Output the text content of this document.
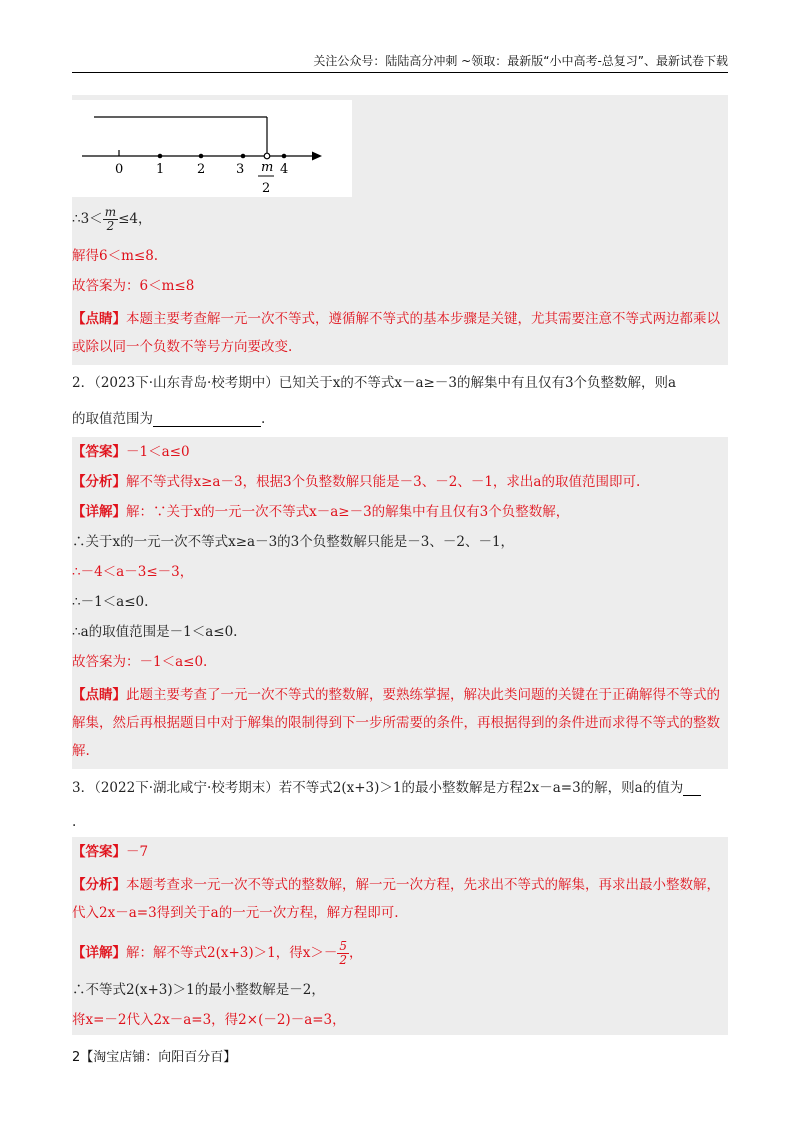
关注公众号：陆陆高分冲刺 ~领取：最新版“小中高考-总复习”、最新试卷下载
0	1	2 3	4
m
2
∴3＜ $\frac{m}{2} \le 4$，
解得6＜m≤8.
故答案为：6＜m≤8
【点睛】本题主要考查解一元一次不等式，遵循解不等式的基本步骤是关键，尤其需要注意不等式两边都乘以或除以同一个负数不等号方向要改变.
2．（2023下·山东青岛·校考期中）已知关于x的不等式x－a≥－3的解集中有且仅有3个负整数解，则a
的取值范围为	.
【答案】－1＜a≤0
【分析】解不等式得x≥a－3，根据3个负整数解只能是－3、－2、－1，求出a的取值范围即可.
【详解】解：∵关于x的一元一次不等式x－a≥－3的解集中有且仅有3个负整数解，
∴关于x的一元一次不等式x≥a－3的3个负整数解只能是－3、－2、－1，
∴－4＜a－3≤－3，
∴－1＜a≤0.
∴a的取值范围是－1＜a≤0.
故答案为：－1＜a≤0.
【点睛】此题主要考查了一元一次不等式的整数解，要熟练掌握，解决此类问题的关键在于正确解得不等式的解集，然后再根据题目中对于解集的限制得到下一步所需要的条件，再根据得到的条件进而求得不等式的整数解.
3．（2022下·湖北咸宁·校考期末）若不等式2(x+3)＞1的最小整数解是方程2x－a=3的解，则a的值为
.
【答案】－7
【分析】本题考查求一元一次不等式的整数解，解一元一次方程，先求出不等式的解集，再求出最小整数解，代入2x－a=3得到关于a的一元一次方程，解方程即可.
【详解】解：解不等式2(x+3)＞1，得$x>- \frac{5}{2}$ ，
∴不等式2(x+3)＞1的最小整数解是－2，
将x=－2代入2x－a=3，得2×(－2)－a=3，
2【淘宝店铺：向阳百分百】
